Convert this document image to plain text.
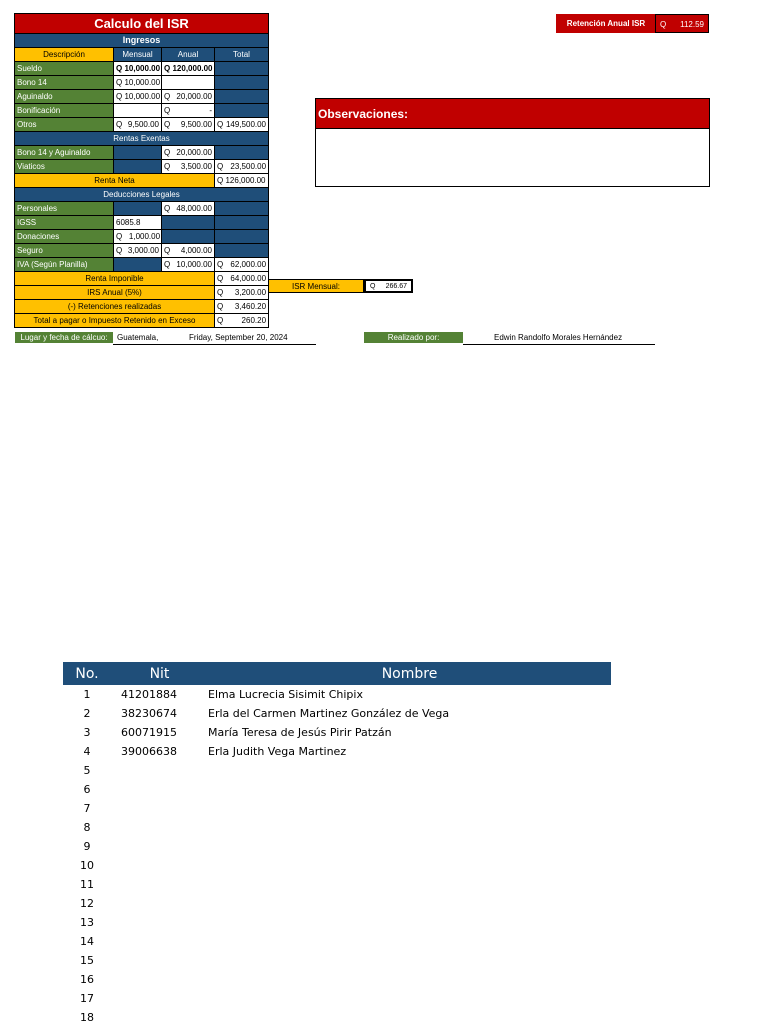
Calculo del ISR			
Ingresos			
Descripción	Mensual	Anual	Total
Sueldo	Q 10,000.00	Q 120,000.00	
Bono 14	Q 10,000.00		
Aguinaldo	Q 10,000.00	Q 20,000.00	

Bonificación		Q -	

Otros	Q 9,500.00	Q 9,500.00	Q 149,500.00

Rentas Exentas			
Bono 14 y Aguinaldo		Q 20,000.00	

Viaticos		Q 3,500.00	Q 23,500.00

Renta Neta			Q 126,000.00
Deducciones Legales			
Personales		Q 48,000.00	

IGSS	6085.8		
Donaciones	Q 1,000.00		
Seguro	Q 3,000.00	Q 4,000.00	

IVA (Según Planilla)		Q 10,000.00	Q 62,000.00

Renta Imponible			Q 64,000.00

IRS Anual (5%)			Q 3,200.00

(-) Retenciones realizadas			Q 3,460.20

Total a pagar o Impuesto Retenido en Exceso			Q 260.20
Retención Anual ISR	Q 112.59
Observaciones:
ISR Mensual:	Q 266.67
Lugar y fecha de cálcuo:	Guatemala,	Friday, September 20, 2024	Realizado por:	Edwin Randolfo Morales Hernández
No.	Nit	Nombre
1	41201884	Elma Lucrecia Sisimit Chipix
2	38230674	Erla del Carmen Martinez González de Vega
3	60071915	María Teresa de Jesús Pirir Patzán
4	39006638	Erla Judith Vega Martinez
5		
6		
7		
8		
9		
10		
11		
12		
13		
14		
15		
16		
17		
18		
